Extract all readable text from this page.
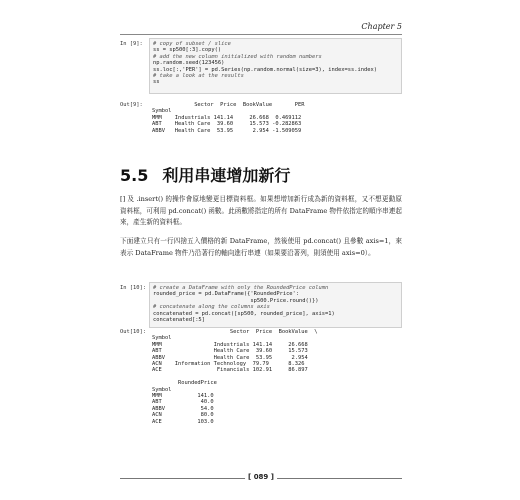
Chapter 5
In [9]:	# copy of subset / slice
ss = sp500[:3].copy()
# add the new column initialized with random numbers
np.random.seed(123456)
ss.loc[:,'PER'] = pd.Series(np.random.normal(size=3), index=ss.index)
# take a look at the results
ss
Out[9]:	Sector  Price  BookValue       PER
Symbol
MMM    Industrials 141.14     26.668  0.469112
ABT    Health Care  39.60     15.573 -0.282863
ABBV   Health Care  53.95      2.954 -1.509059
5.5 利用串連增加新行

[] 及 .insert() 的操作會原地變更目標資料框。如果想增加新行成為新的資料框，又不想更動原資料框，可利用 pd.concat() 函數。此函數將指定的所有 DataFrame 物件依指定的順序串連起來，產生新的資料框。

下面建立只有一行四捨五入價格的新 DataFrame，然後使用 pd.concat() 且參數 axis=1，來表示 DataFrame 物件乃沿著行的軸向進行串連（如果要沿著列，則須使用 axis=0）。

In [10]:	# create a DataFrame with only the RoundedPrice column
rounded_price = pd.DataFrame({'RoundedPrice':
sp500.Price.round()})
# concatenate along the columns axis
concatenated = pd.concat([sp500, rounded_price], axis=1)
concatenated[:5]
Out[10]:	Sector  Price  BookValue  \
Symbol
MMM                Industrials 141.14     26.668
ABT                Health Care  39.60     15.573
ABBV               Health Care  53.95      2.954
ACN    Information Technology  79.79      8.326
ACE                 Financials 102.91     86.897

RoundedPrice
Symbol
MMM           141.0
ABT            40.0
ABBV           54.0
ACN            80.0
ACE           103.0
[ 089 ]
